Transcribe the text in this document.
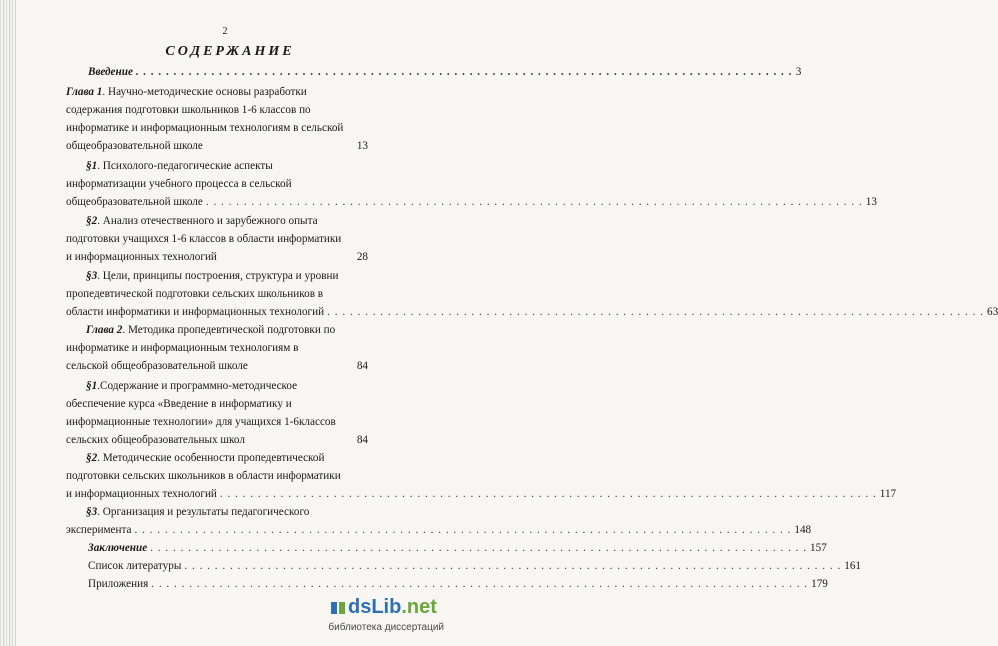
2
СОДЕРЖАНИЕ
Введение . . . . . . . . . . . . . . . . . . . . . . . . . . . . . . . . . . . . . . . . . . . . . . . . . . . . . . . . . . . . . . . . . . . . . . . . . . . . . . . . . . . . . . . 3
Глава 1. Научно-методические основы разработки
содержания подготовки школьников 1-6 классов по
информатике и информационным технологиям в сельской
общеобразовательной школе	13
§1. Психолого-педагогические аспекты
информатизации учебного процесса в сельской
общеобразовательной школе . . . . . . . . . . . . . . . . . . . . . . . . . . . . . . . . . . . . . . . . . . . . . . . . . . . . . . . . . . . . . . . . . . . . . . . . . . . . . . . . . . . . . . . 13
§2. Анализ отечественного и зарубежного опыта
подготовки учащихся 1-6 классов в области информатики
и информационных технологий	28
§3. Цели, принципы построения, структура и уровни
пропедевтической подготовки сельских школьников в
области информатики и информационных технологий . . . . . . . . . . . . . . . . . . . . . . . . . . . . . . . . . . . . . . . . . . . . . . . . . . . . . . . . . . . . . . . . . . . . . . . . . . . . . . . . . . . . . . . 63
Глава 2. Методика пропедевтической подготовки по
информатике и информационным технологиям в
сельской общеобразовательной школе	84
§1.Содержание и программно-методическое
обеспечение курса «Введение в информатику и
информационные технологии» для учащихся 1-6классов
сельских общеобразовательных школ	84
§2. Методические особенности пропедевтической
подготовки сельских школьников в области информатики
и информационных технологий . . . . . . . . . . . . . . . . . . . . . . . . . . . . . . . . . . . . . . . . . . . . . . . . . . . . . . . . . . . . . . . . . . . . . . . . . . . . . . . . . . . . . . . 117
§3. Организация и результаты педагогического
эксперимента . . . . . . . . . . . . . . . . . . . . . . . . . . . . . . . . . . . . . . . . . . . . . . . . . . . . . . . . . . . . . . . . . . . . . . . . . . . . . . . . . . . . . . . 148
Заключение . . . . . . . . . . . . . . . . . . . . . . . . . . . . . . . . . . . . . . . . . . . . . . . . . . . . . . . . . . . . . . . . . . . . . . . . . . . . . . . . . . . . . . . 157
Список литературы . . . . . . . . . . . . . . . . . . . . . . . . . . . . . . . . . . . . . . . . . . . . . . . . . . . . . . . . . . . . . . . . . . . . . . . . . . . . . . . . . . . . . . . 161
Приложения . . . . . . . . . . . . . . . . . . . . . . . . . . . . . . . . . . . . . . . . . . . . . . . . . . . . . . . . . . . . . . . . . . . . . . . . . . . . . . . . . . . . . . . 179
dsLib.net
библиотека диссертаций
